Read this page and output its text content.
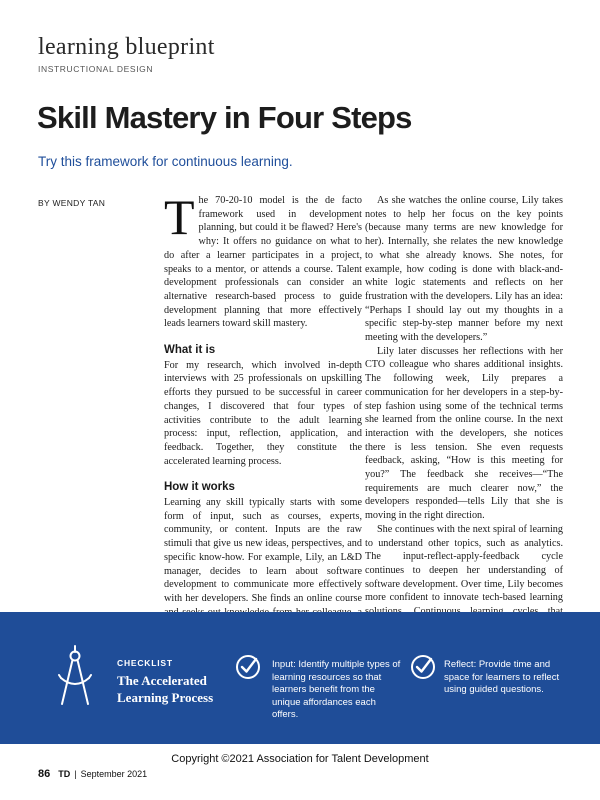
learning blueprint
INSTRUCTIONAL DESIGN
Skill Mastery in Four Steps

Try this framework for continuous learning.

BY WENDY TAN The 70-20-10 model is the de facto framework used in development planning, but could it be flawed? Here's why: It offers no guidance on what to do after a learner participates in a project, speaks to a mentor, or attends a course. Talent development professionals can consider an alternative research-based process to guide development planning that more effectively leads learners toward skill mastery.

What it is

For my research, which involved in-depth interviews with 25 professionals on upskilling efforts they pursued to be successful in career changes, I discovered that four types of activities contribute to the adult learning process: input, reflection, application, and feedback. Together, they constitute the accelerated learning process.

How it works

Learning any skill typically starts with some form of input, such as courses, experts, community, or content. Inputs are the raw stimuli that give us new ideas, perspectives, and specific know-how. For example, Lily, an L&D manager, decides to learn about software development to communicate more effectively with her developers. She finds an online course

As she watches the online course, Lily takes notes to help her focus on the key points (because many terms are new knowledge for her). Internally, she relates the new knowledge to what she already knows. She notes, for example, how coding is done with black-and-white logic statements and reflects on her frustration with the developers. Lily has an idea: “Perhaps I should lay out my thoughts in a specific step-by-step manner before my next meeting with the developers.”

Lily later discusses her reflections with her CTO colleague who shares additional insights. The following week, Lily prepares a communication for her developers in a step-by-step fashion using some of the technical terms she learned from the online course. In the next interaction with the developers, she notices there is less tension. She even requests feedback, asking, “How is this meeting for you?” The feedback she receives—“The requirements are much clearer now,” the developers responded—tells Lily that she is moving in the right direction.

She continues with the next spiral of learning to understand other topics, such as analytics. The input-reflect-apply-feedback cycle continues to deepen her understanding of software development. Over time, Lily becomes more confident to innovate tech-based learning

CHECKLIST
The Accelerated Learning Process
Input: Identify multiple types of learning resources so that learners benefit from the unique affordances each offers.
Reflect: Provide time and space for learners to reflect using guided questions.
Copyright ©2021 Association for Talent Development
86 TD | September 2021
